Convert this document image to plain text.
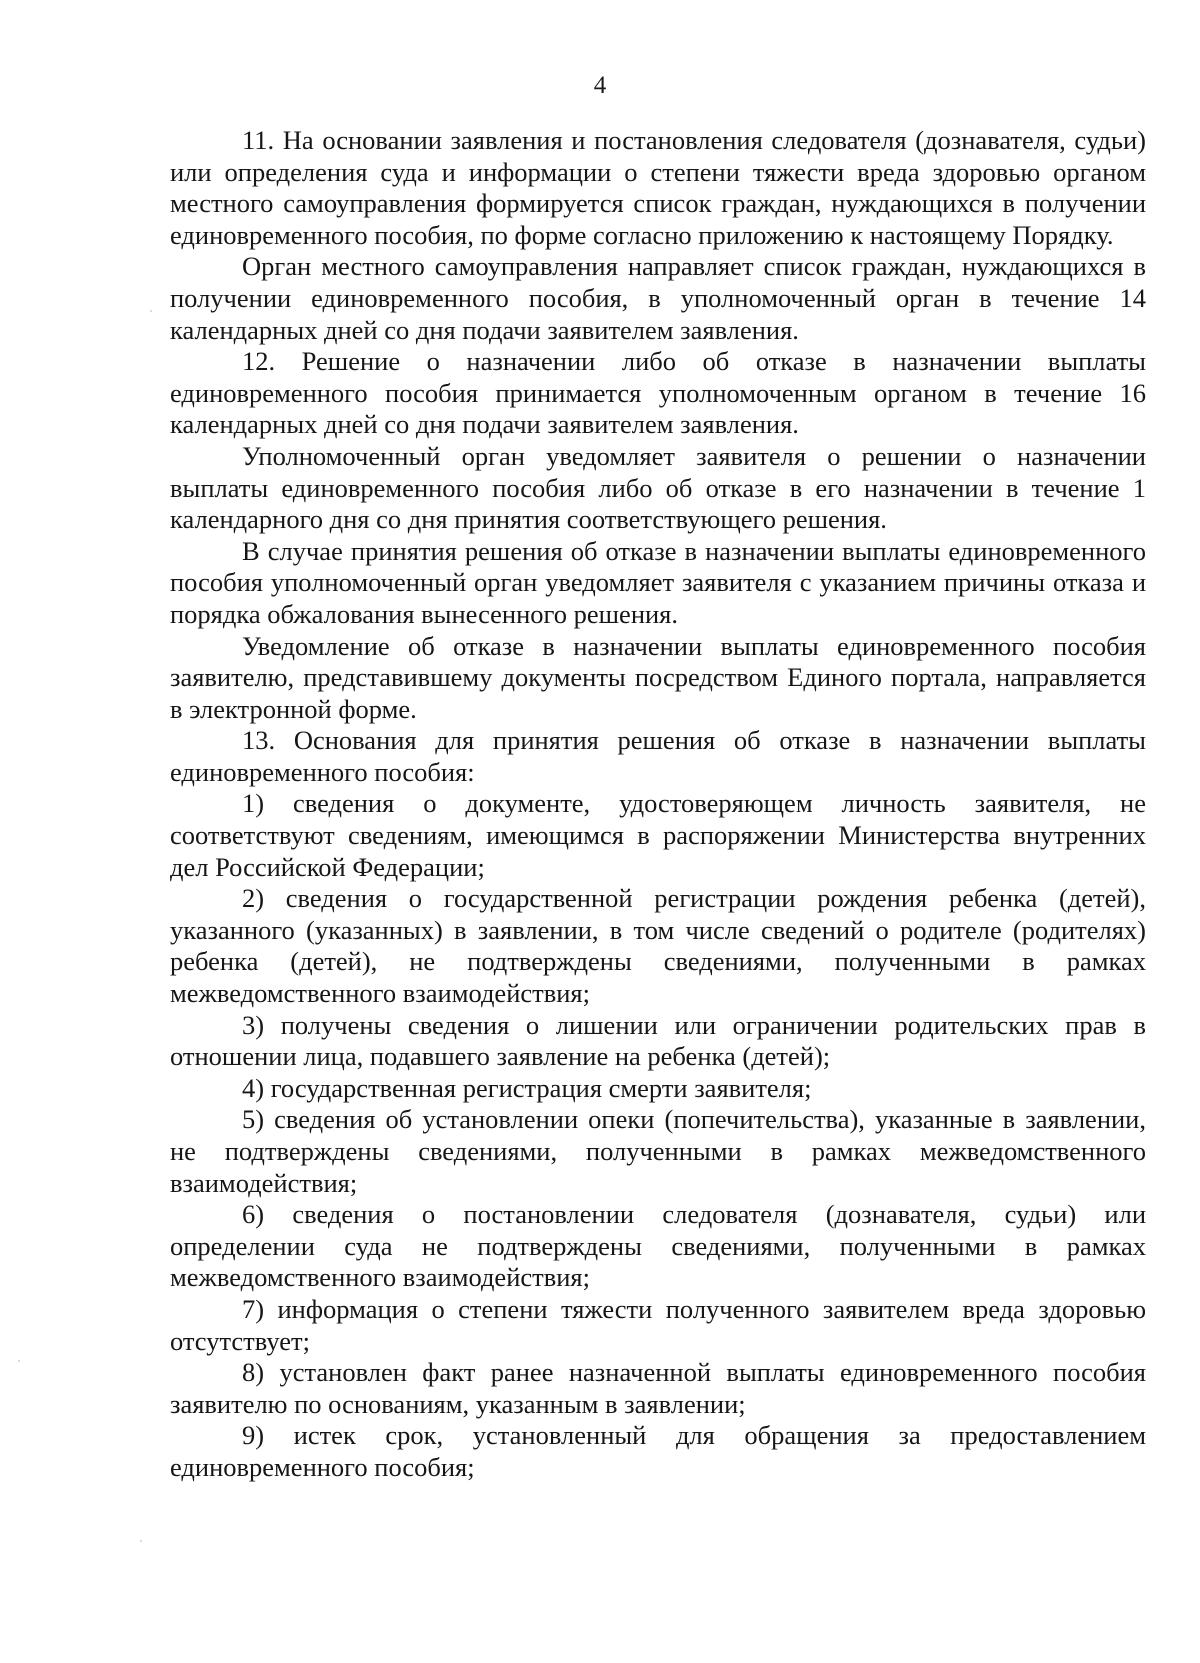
4

11. На основании заявления и постановления следователя (дознавателя, судьи) или определения суда и информации о степени тяжести вреда здоровью органом местного самоуправления формируется список граждан, нуждающихся в получении единовременного пособия, по форме согласно приложению к настоящему Порядку.

Орган местного самоуправления направляет список граждан, нуждающихся в получении единовременного пособия, в уполномоченный орган в течение 14 календарных дней со дня подачи заявителем заявления.

12. Решение о назначении либо об отказе в назначении выплаты единовременного пособия принимается уполномоченным органом в течение 16 календарных дней со дня подачи заявителем заявления.

Уполномоченный орган уведомляет заявителя о решении о назначении выплаты единовременного пособия либо об отказе в его назначении в течение 1 календарного дня со дня принятия соответствующего решения.

В случае принятия решения об отказе в назначении выплаты единовременного пособия уполномоченный орган уведомляет заявителя с указанием причины отказа и порядка обжалования вынесенного решения.

Уведомление об отказе в назначении выплаты единовременного пособия заявителю, представившему документы посредством Единого портала, направляется в электронной форме.

13. Основания для принятия решения об отказе в назначении выплаты единовременного пособия:

1) сведения о документе, удостоверяющем личность заявителя, не соответствуют сведениям, имеющимся в распоряжении Министерства внутренних дел Российской Федерации;

2) сведения о государственной регистрации рождения ребенка (детей), указанного (указанных) в заявлении, в том числе сведений о родителе (родителях) ребенка (детей), не подтверждены сведениями, полученными в рамках межведомственного взаимодействия;

3) получены сведения о лишении или ограничении родительских прав в отношении лица, подавшего заявление на ребенка (детей);

4) государственная регистрация смерти заявителя;

5) сведения об установлении опеки (попечительства), указанные в заявлении, не подтверждены сведениями, полученными в рамках межведомственного взаимодействия;

6) сведения о постановлении следователя (дознавателя, судьи) или определении суда не подтверждены сведениями, полученными в рамках межведомственного взаимодействия;

7) информация о степени тяжести полученного заявителем вреда здоровью отсутствует;

8) установлен факт ранее назначенной выплаты единовременного пособия заявителю по основаниям, указанным в заявлении;

9) истек срок, установленный для обращения за предоставлением единовременного пособия;
